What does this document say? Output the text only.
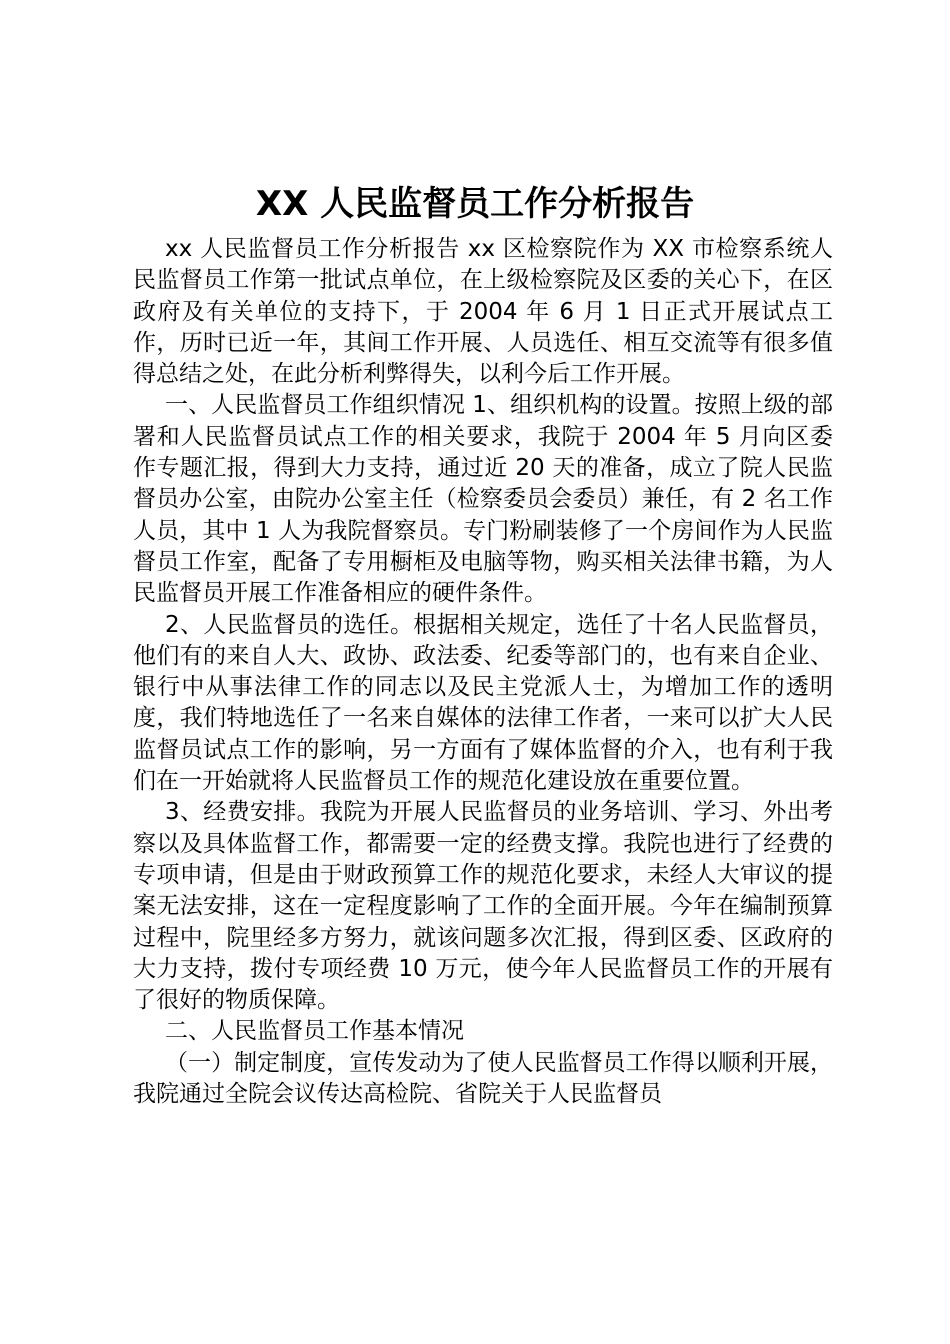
XX 人民监督员工作分析报告

xx 人民监督员工作分析报告 xx 区检察院作为 XX 市检察系统人民监督员工作第一批试点单位，在上级检察院及区委的关心下，在区政府及有关单位的支持下，于 2004 年 6 月 1 日正式开展试点工作，历时已近一年，其间工作开展、人员选任、相互交流等有很多值得总结之处，在此分析利弊得失，以利今后工作开展。

一、人民监督员工作组织情况 1、组织机构的设置。按照上级的部署和人民监督员试点工作的相关要求，我院于 2004 年 5 月向区委作专题汇报，得到大力支持，通过近 20 天的准备，成立了院人民监督员办公室，由院办公室主任（检察委员会委员）兼任，有 2 名工作人员，其中 1 人为我院督察员。专门粉刷装修了一个房间作为人民监督员工作室，配备了专用橱柜及电脑等物，购买相关法律书籍，为人民监督员开展工作准备相应的硬件条件。

2、人民监督员的选任。根据相关规定，选任了十名人民监督员，他们有的来自人大、政协、政法委、纪委等部门的，也有来自企业、银行中从事法律工作的同志以及民主党派人士，为增加工作的透明度，我们特地选任了一名来自媒体的法律工作者，一来可以扩大人民监督员试点工作的影响，另一方面有了媒体监督的介入，也有利于我们在一开始就将人民监督员工作的规范化建设放在重要位置。

3、经费安排。我院为开展人民监督员的业务培训、学习、外出考察以及具体监督工作，都需要一定的经费支撑。我院也进行了经费的专项申请，但是由于财政预算工作的规范化要求，未经人大审议的提案无法安排，这在一定程度影响了工作的全面开展。今年在编制预算过程中，院里经多方努力，就该问题多次汇报，得到区委、区政府的大力支持，拨付专项经费 10 万元，使今年人民监督员工作的开展有了很好的物质保障。

二、人民监督员工作基本情况

（一）制定制度，宣传发动为了使人民监督员工作得以顺利开展，我院通过全院会议传达高检院、省院关于人民监督员
